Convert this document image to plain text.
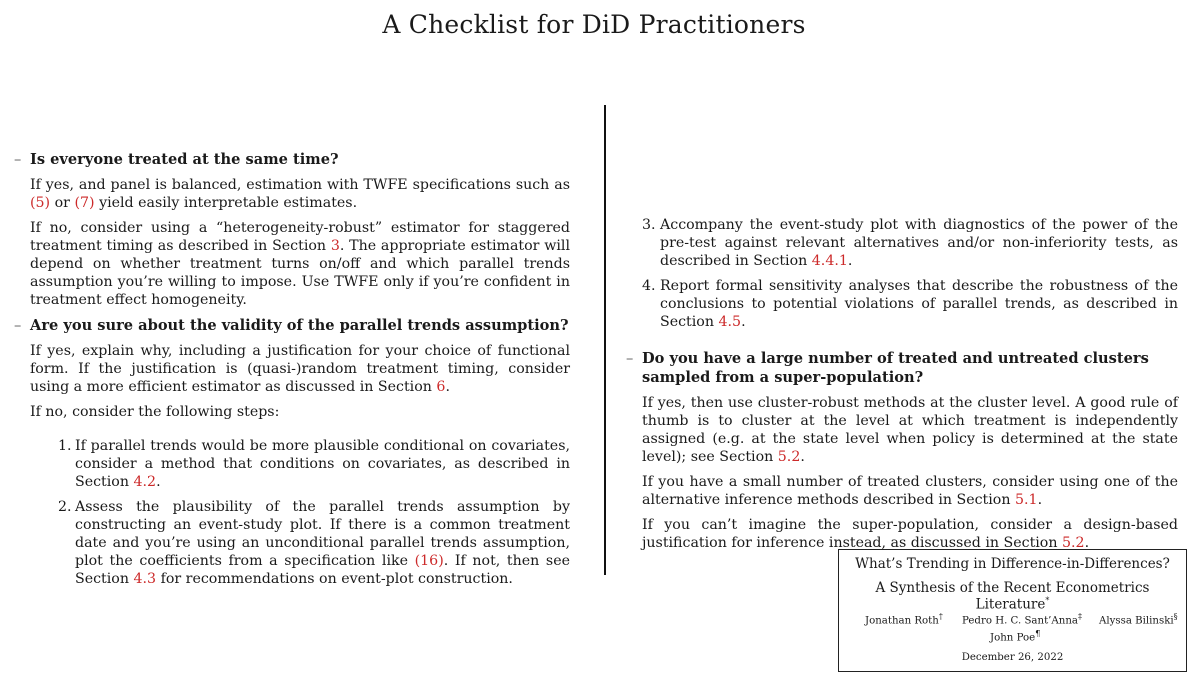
A Checklist for DiD Practitioners
– Is everyone treated at the same time?

If yes, and panel is balanced, estimation with TWFE specifications such as (5) or (7) yield easily interpretable estimates.

If no, consider using a “heterogeneity-robust” estimator for staggered treatment timing as described in Section 3. The appropriate estimator will depend on whether treatment turns on/off and which parallel trends assumption you’re willing to impose. Use TWFE only if you’re confident in treatment effect homogeneity.

– Are you sure about the validity of the parallel trends assumption?

If yes, explain why, including a justification for your choice of functional form. If the justification is (quasi-)random treatment timing, consider using a more efficient estimator as discussed in Section 6.

If no, consider the following steps:

1. If parallel trends would be more plausible conditional on covariates, consider a method that conditions on covariates, as described in Section 4.2.
2. Assess the plausibility of the parallel trends assumption by constructing an event-study plot. If there is a common treatment date and you’re using an unconditional parallel trends assumption, plot the coefficients from a specification like (16). If not, then see Section 4.3 for recommendations on event-plot construction.
3. Accompany the event-study plot with diagnostics of the power of the pre-test against relevant alternatives and/or non-inferiority tests, as described in Section 4.4.1.
4. Report formal sensitivity analyses that describe the robustness of the conclusions to potential violations of parallel trends, as described in Section 4.5.
– Do you have a large number of treated and untreated clusters sampled from a super-population?

If yes, then use cluster-robust methods at the cluster level. A good rule of thumb is to cluster at the level at which treatment is independently assigned (e.g. at the state level when policy is determined at the state level); see Section 5.2.

If you have a small number of treated clusters, consider using one of the alternative inference methods described in Section 5.1.

If you can’t imagine the super-population, consider a design-based justification for inference instead, as discussed in Section 5.2.

What’s Trending in Difference-in-Differences?
A Synthesis of the Recent Econometrics Literature*
Jonathan Roth† Pedro H. C. Sant’Anna‡ Alyssa Bilinski§
John Poe¶
December 26, 2022
